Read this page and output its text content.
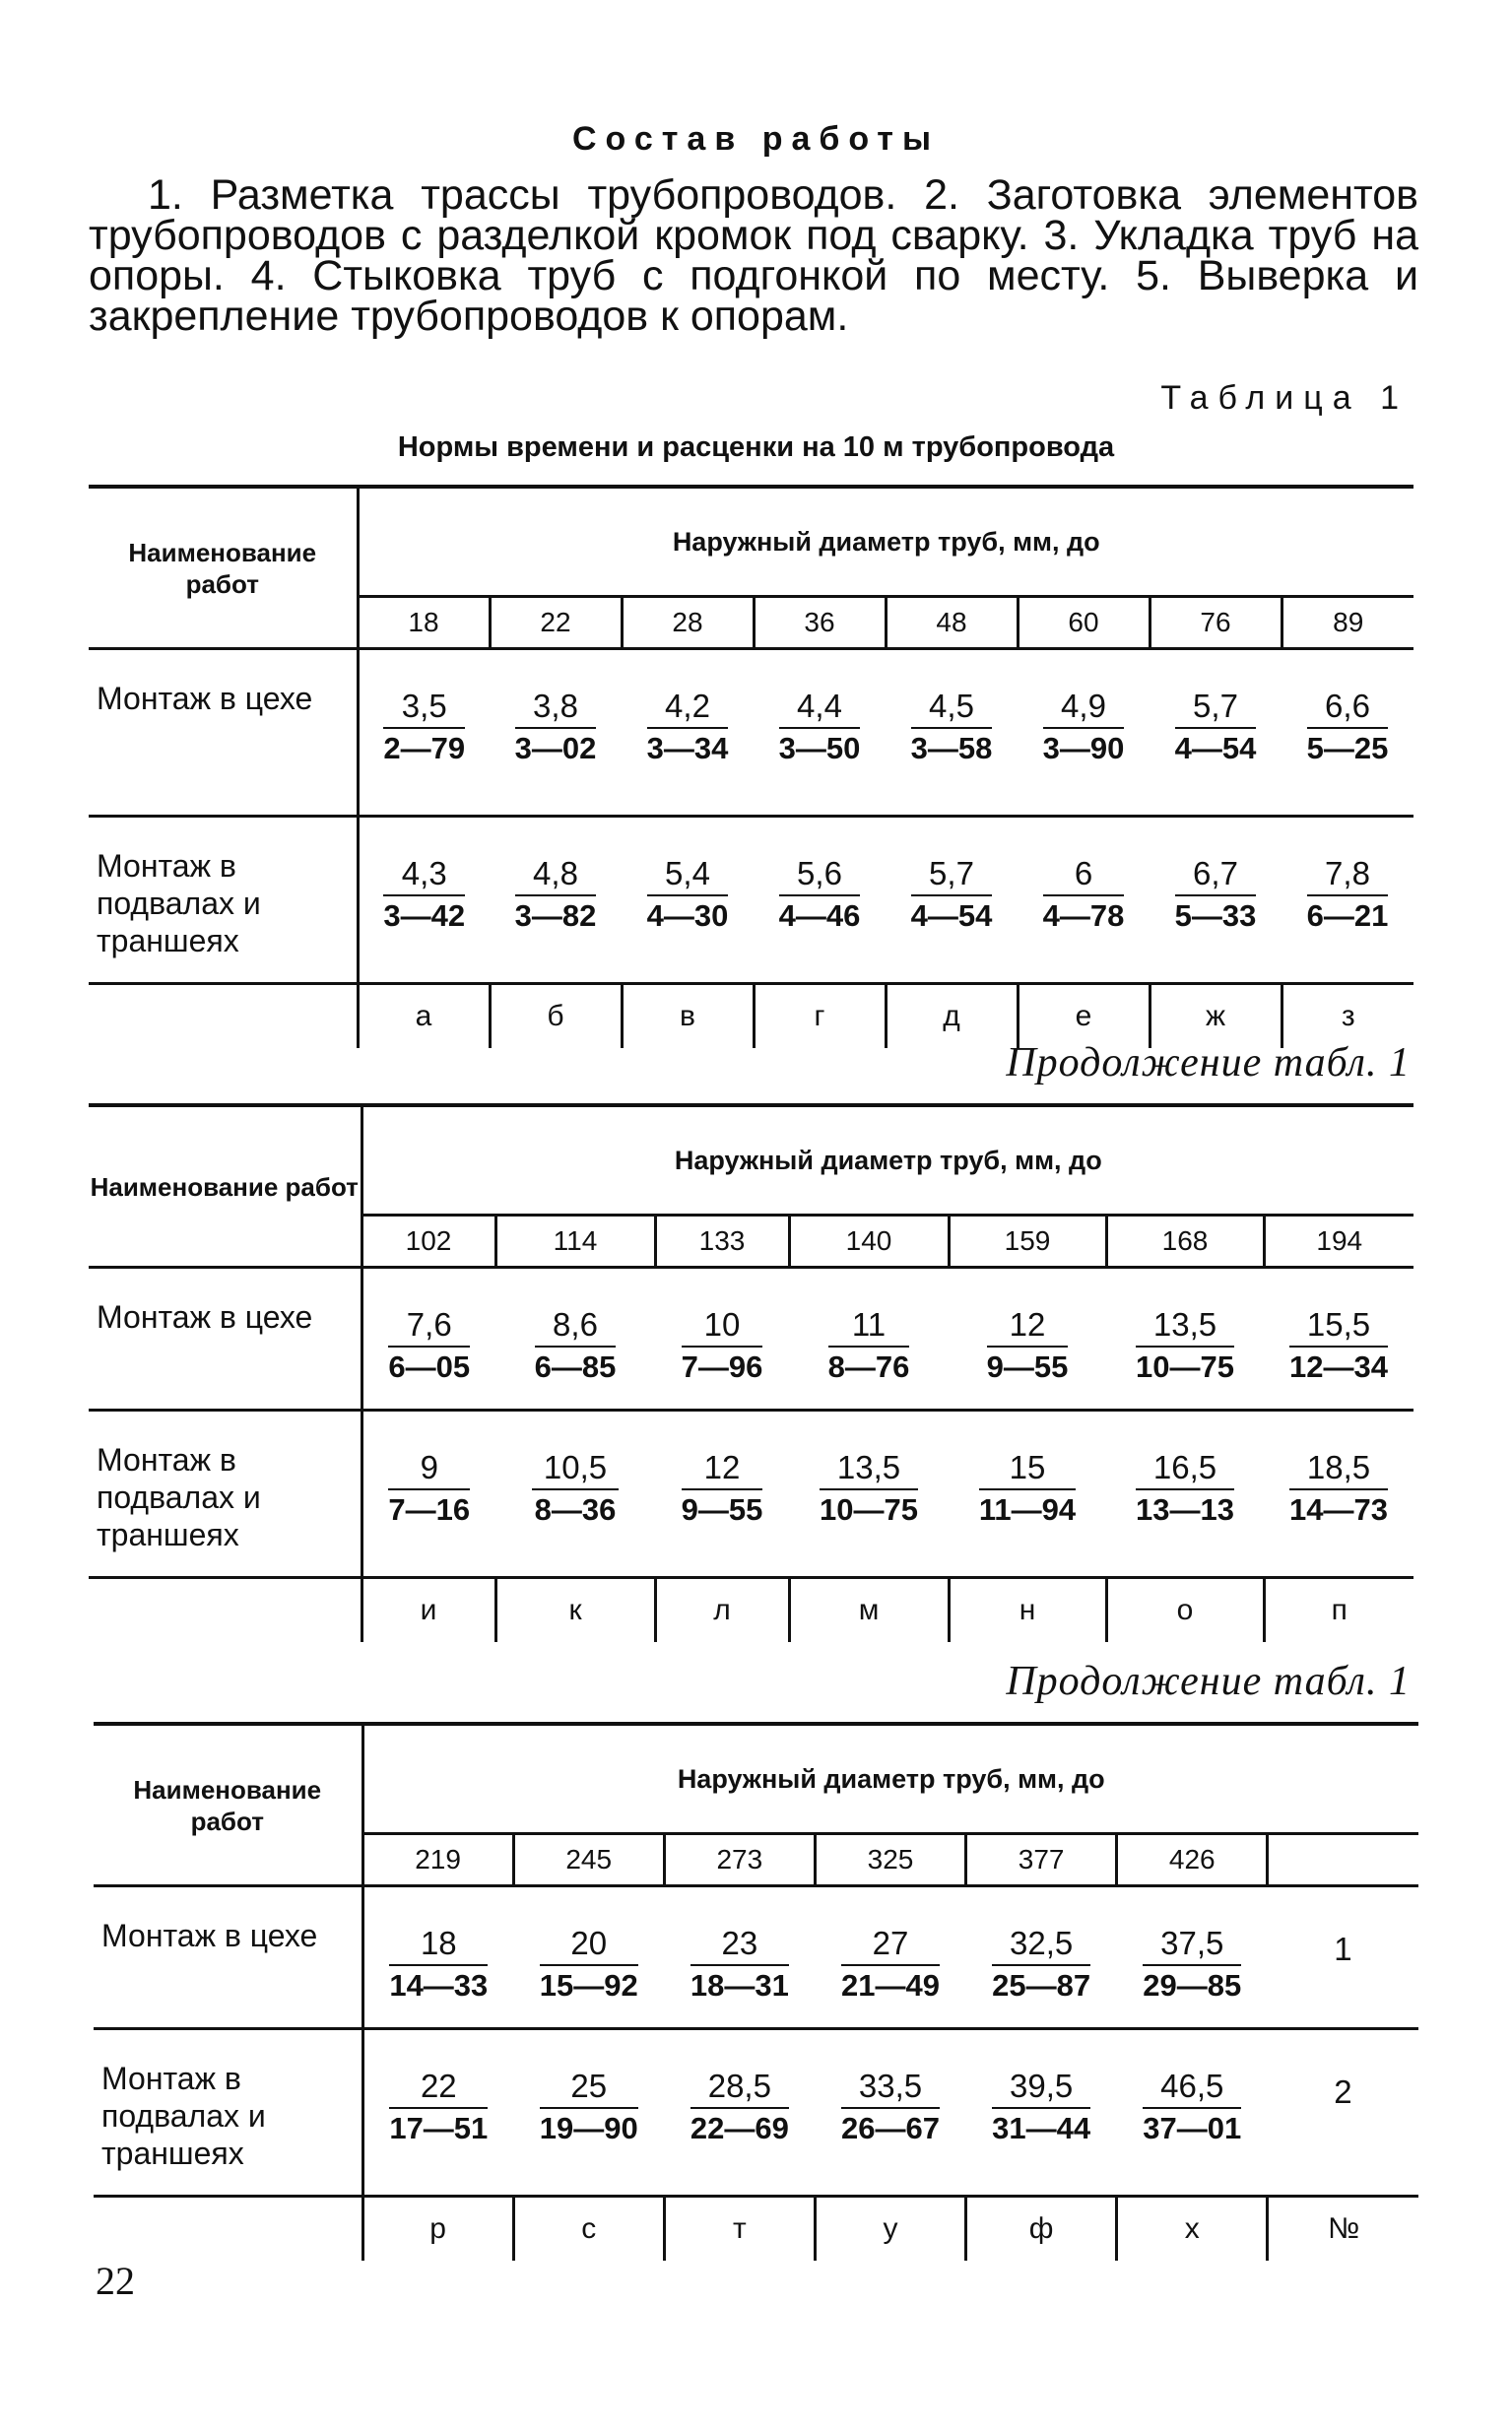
Состав работы

1. Разметка трассы трубопроводов. 2. Заготовка элементов трубопроводов с разделкой кромок под сварку. 3. Укладка труб на опоры. 4. Стыковка труб с подгонкой по месту. 5. Выверка и закрепление трубопроводов к опорам.

Таблица 1
Нормы времени и расценки на 10 м трубопровода
Наименование работ	Наружный диаметр труб, мм, до							
	18	22	28	36	48	60	76	89
Монтаж в цехе	$\frac{3,5}{2—79}$	$\frac{3,8}{3—02}$	$\frac{4,2}{3—34}$	$\frac{4,4}{3—50}$	$\frac{4,5}{3—58}$	$\frac{4,9}{3—90}$	$\frac{5,7}{4—54}$	$\frac{6,6}{5—25}$

Монтаж в подвалах и траншеях	$\frac{4,3}{3—42}$	$\frac{4,8}{3—82}$	$\frac{5,4}{4—30}$	$\frac{5,6}{4—46}$	$\frac{5,7}{4—54}$	$\frac{6}{4—78}$	$\frac{6,7}{5—33}$	$\frac{7,8}{6—21}$

	а	б	в	г	д	е	ж	з
Продолжение табл. 1
Наименование работ	Наружный диаметр труб, мм, до						
	102	114	133	140	159	168	194
Монтаж в цехе	$\frac{7,6}{6—05}$	$\frac{8,6}{6—85}$	$\frac{10}{7—96}$	$\frac{11}{8—76}$	$\frac{12}{9—55}$	$\frac{13,5}{10—75}$	$\frac{15,5}{12—34}$

Монтаж в подвалах и траншеях	$\frac{9}{7—16}$	$\frac{10,5}{8—36}$	$\frac{12}{9—55}$	$\frac{13,5}{10—75}$	$\frac{15}{11—94}$	$\frac{16,5}{13—13}$	$\frac{18,5}{14—73}$

	и	к	л	м	н	о	п
Продолжение табл. 1
Наименование работ	Наружный диаметр труб, мм, до						
	219	245	273	325	377	426	
Монтаж в цехе	$\frac{18}{14—33}$	$\frac{20}{15—92}$	$\frac{23}{18—31}$	$\frac{27}{21—49}$	$\frac{32,5}{25—87}$	$\frac{37,5}{29—85}$	1
Монтаж в подвалах и траншеях	$\frac{22}{17—51}$	$\frac{25}{19—90}$	$\frac{28,5}{22—69}$	$\frac{33,5}{26—67}$	$\frac{39,5}{31—44}$	$\frac{46,5}{37—01}$	2
	р	с	т	у	ф	х	№
22
